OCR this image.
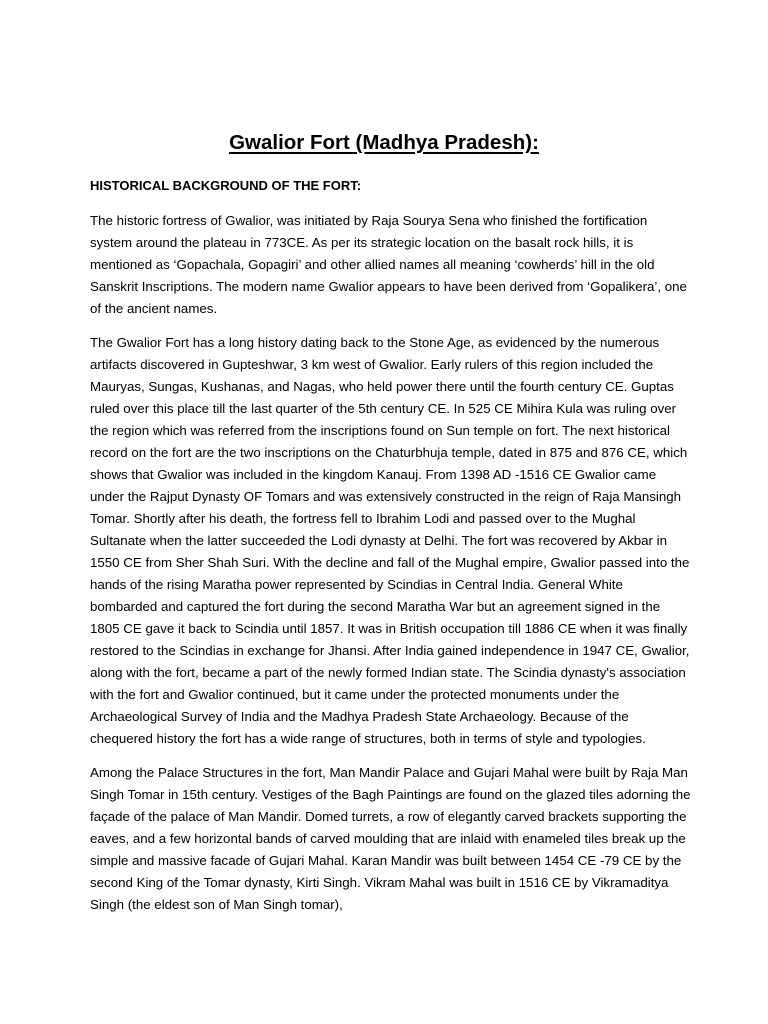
Gwalior Fort (Madhya Pradesh):
HISTORICAL BACKGROUND OF THE FORT:

The historic fortress of Gwalior, was initiated by Raja Sourya Sena who finished the fortification system around the plateau in 773CE. As per its strategic location on the basalt rock hills, it is mentioned as ‘Gopachala, Gopagiri’ and other allied names all meaning ‘cowherds’ hill in the old Sanskrit Inscriptions. The modern name Gwalior appears to have been derived from ‘Gopalikera’, one of the ancient names.

The Gwalior Fort has a long history dating back to the Stone Age, as evidenced by the numerous artifacts discovered in Gupteshwar, 3 km west of Gwalior. Early rulers of this region included the Mauryas, Sungas, Kushanas, and Nagas, who held power there until the fourth century CE. Guptas ruled over this place till the last quarter of the 5th century CE. In 525 CE Mihira Kula was ruling over the region which was referred from the inscriptions found on Sun temple on fort. The next historical record on the fort are the two inscriptions on the Chaturbhuja temple, dated in 875 and 876 CE, which shows that Gwalior was included in the kingdom Kanauj. From 1398 AD -1516 CE Gwalior came under the Rajput Dynasty OF Tomars and was extensively constructed in the reign of Raja Mansingh Tomar. Shortly after his death, the fortress fell to Ibrahim Lodi and passed over to the Mughal Sultanate when the latter succeeded the Lodi dynasty at Delhi. The fort was recovered by Akbar in 1550 CE from Sher Shah Suri. With the decline and fall of the Mughal empire, Gwalior passed into the hands of the rising Maratha power represented by Scindias in Central India. General White bombarded and captured the fort during the second Maratha War but an agreement signed in the 1805 CE gave it back to Scindia until 1857. It was in British occupation till 1886 CE when it was finally restored to the Scindias in exchange for Jhansi. After India gained independence in 1947 CE, Gwalior, along with the fort, became a part of the newly formed Indian state. The Scindia dynasty's association with the fort and Gwalior continued, but it came under the protected monuments under the Archaeological Survey of India and the Madhya Pradesh State Archaeology. Because of the chequered history the fort has a wide range of structures, both in terms of style and typologies.

Among the Palace Structures in the fort, Man Mandir Palace and Gujari Mahal were built by Raja Man Singh Tomar in 15th century. Vestiges of the Bagh Paintings are found on the glazed tiles adorning the façade of the palace of Man Mandir. Domed turrets, a row of elegantly carved brackets supporting the eaves, and a few horizontal bands of carved moulding that are inlaid with enameled tiles break up the simple and massive facade of Gujari Mahal. Karan Mandir was built between 1454 CE -79 CE by the second King of the Tomar dynasty, Kirti Singh. Vikram Mahal was built in 1516 CE by Vikramaditya Singh (the eldest son of Man Singh tomar),
